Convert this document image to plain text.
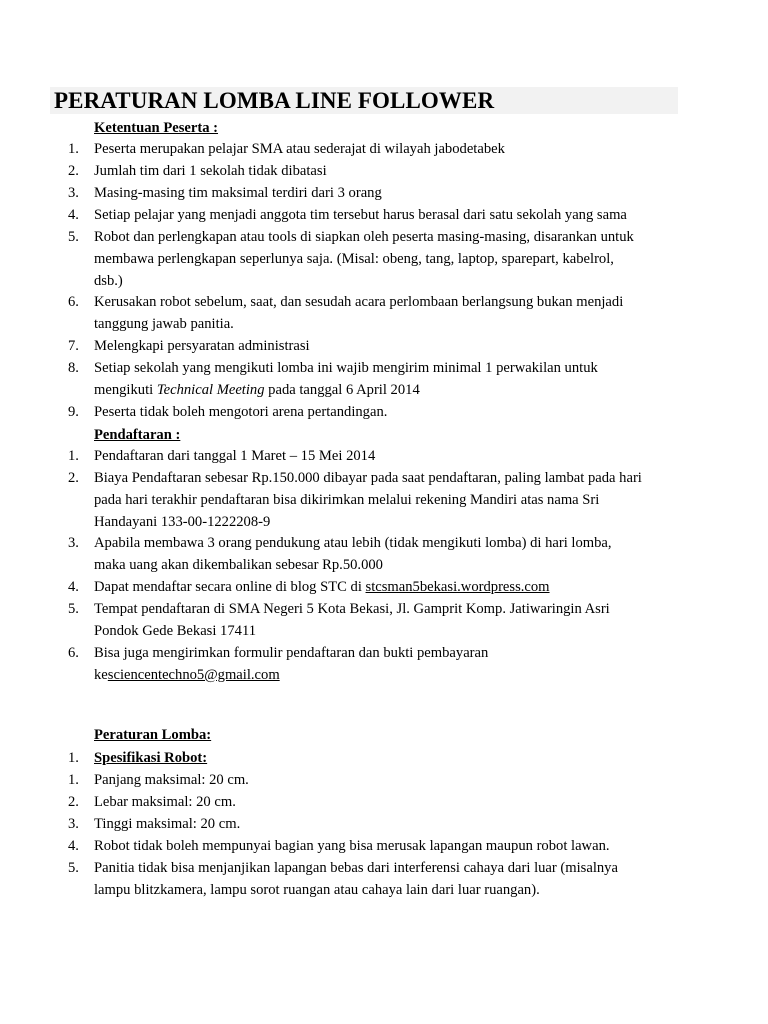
PERATURAN LOMBA LINE FOLLOWER
Ketentuan Peserta :
1. Peserta merupakan pelajar SMA atau sederajat di wilayah jabodetabek
2. Jumlah tim dari 1 sekolah tidak dibatasi
3. Masing-masing tim maksimal terdiri dari 3 orang
4. Setiap pelajar yang menjadi anggota tim tersebut harus berasal dari satu sekolah yang sama
5. Robot dan perlengkapan atau tools di siapkan oleh peserta masing-masing, disarankan untuk
membawa perlengkapan seperlunya saja. (Misal: obeng, tang, laptop, sparepart, kabelrol,
dsb.)
6. Kerusakan robot sebelum, saat, dan sesudah acara perlombaan berlangsung bukan menjadi
tanggung jawab panitia.
7. Melengkapi persyaratan administrasi
8. Setiap sekolah yang mengikuti lomba ini wajib mengirim minimal 1 perwakilan untuk
mengikuti Technical Meeting pada tanggal 6 April 2014
9. Peserta tidak boleh mengotori arena pertandingan.
Pendaftaran :
1. Pendaftaran dari tanggal 1 Maret – 15 Mei 2014
2. Biaya Pendaftaran sebesar Rp.150.000 dibayar pada saat pendaftaran, paling lambat pada hari
pada hari terakhir pendaftaran bisa dikirimkan melalui rekening Mandiri atas nama Sri
Handayani 133-00-1222208-9
3. Apabila membawa 3 orang pendukung atau lebih (tidak mengikuti lomba) di hari lomba,
maka uang akan dikembalikan sebesar Rp.50.000
4. Dapat mendaftar secara online di blog STC di stcsman5bekasi.wordpress.com
5. Tempat pendaftaran di SMA Negeri 5 Kota Bekasi, Jl. Gamprit Komp. Jatiwaringin Asri
Pondok Gede Bekasi 17411
6. Bisa juga mengirimkan formulir pendaftaran dan bukti pembayaran
kesciencentechno5@gmail.com
Peraturan Lomba:
1. Spesifikasi Robot:
1. Panjang maksimal: 20 cm.
2. Lebar maksimal: 20 cm.
3. Tinggi maksimal: 20 cm.
4. Robot tidak boleh mempunyai bagian yang bisa merusak lapangan maupun robot lawan.
5. Panitia tidak bisa menjanjikan lapangan bebas dari interferensi cahaya dari luar (misalnya
lampu blitzkamera, lampu sorot ruangan atau cahaya lain dari luar ruangan).
